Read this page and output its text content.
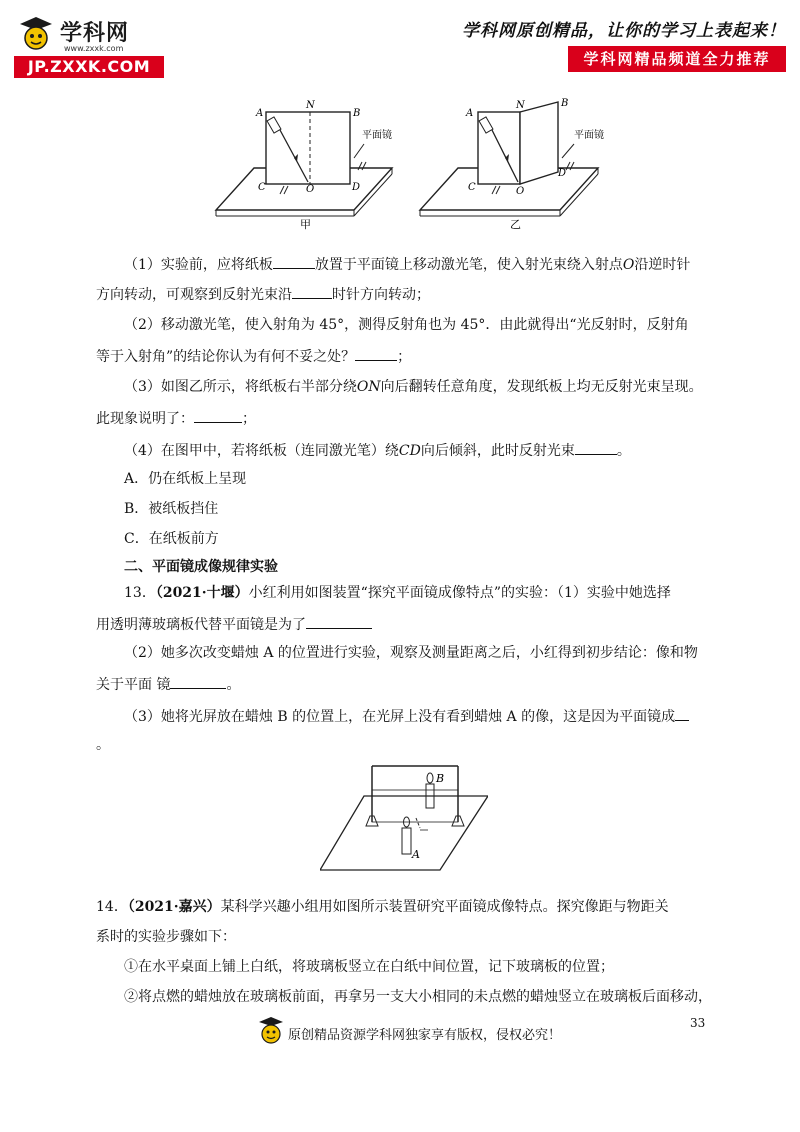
学科网
www.zxxk.com
JP.ZXXK.COM
学科网原创精品，让你的学习上表起来！
学科网精品频道全力推荐
A
N
B
C	O	D
平面镜
甲
A
N	B
C	O
D
平面镜
乙
（1）实验前，应将纸板	放置于平面镜上移动激光笔，使入射光束绕入射点O沿逆时针
方向转动，可观察到反射光束沿	时针方向转动；
（2）移动激光笔，使入射角为 45°，测得反射角也为 45°．由此就得出“光反射时，反射角
等于入射角”的结论你认为有何不妥之处？	；
（3）如图乙所示，将纸板右半部分绕ON向后翻转任意角度，发现纸板上均无反射光束呈现。
此现象说明了：	；
（4）在图甲中，若将纸板（连同激光笔）绕CD向后倾斜，此时反射光束	。
A．仍在纸板上呈现
B．被纸板挡住
C．在纸板前方
二、平面镜成像规律实验
13．（2021·十堰）小红利用如图装置“探究平面镜成像特点”的实验：（1）实验中她选择
用透明薄玻璃板代替平面镜是为了
（2）她多次改变蜡烛 A 的位置进行实验，观察及测量距离之后，小红得到初步结论：像和物
关于平面 镜	。
（3）她将光屏放在蜡烛 B 的位置上，在光屏上没有看到蜡烛 A 的像，这是因为平面镜成
。
B
A
14．（2021·嘉兴）某科学兴趣小组用如图所示装置研究平面镜成像特点。探究像距与物距关
系时的实验步骤如下：
①在水平桌面上铺上白纸，将玻璃板竖立在白纸中间位置，记下玻璃板的位置；
②将点燃的蜡烛放在玻璃板前面，再拿另一支大小相同的未点燃的蜡烛竖立在玻璃板后面移动，
33
原创精品资源学科网独家享有版权，侵权必究！
